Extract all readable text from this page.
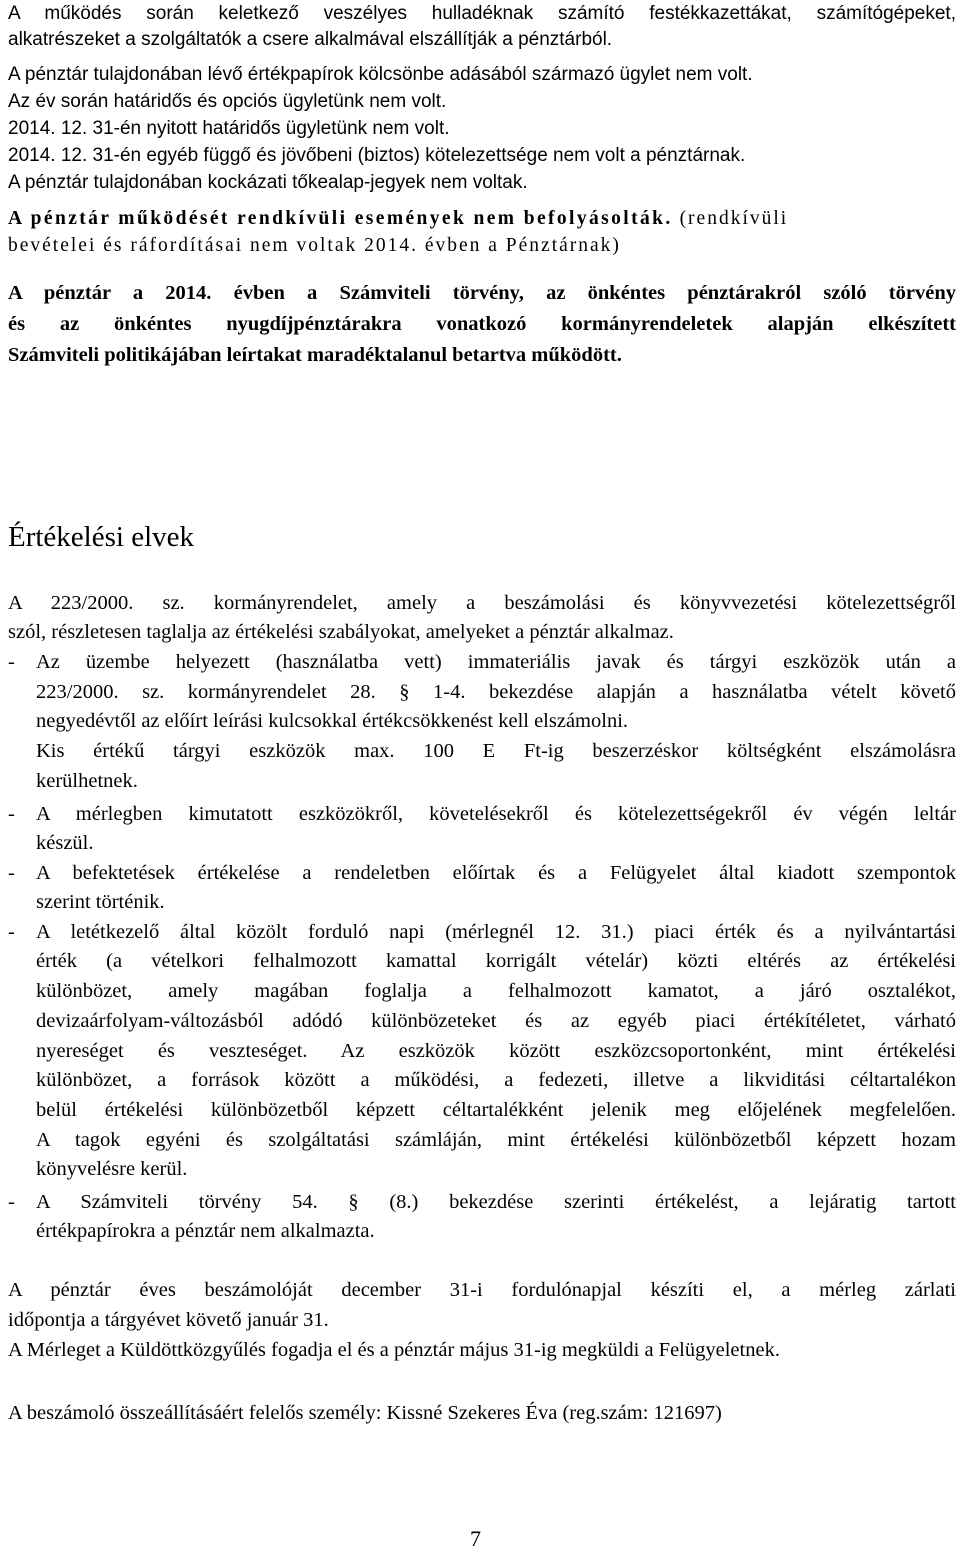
A működés során keletkező veszélyes hulladéknak számító festékkazettákat, számítógépeket,
alkatrészeket a szolgáltatók a csere alkalmával elszállítják a pénztárból.
A pénztár tulajdonában lévő értékpapírok kölcsönbe adásából származó ügylet nem volt.
Az év során határidős és opciós ügyletünk nem volt.
2014. 12. 31-én nyitott határidős ügyletünk nem volt.
2014. 12. 31-én egyéb függő és jövőbeni (biztos) kötelezettsége nem volt a pénztárnak.
A pénztár tulajdonában kockázati tőkealap-jegyek nem voltak.
A pénztár működését rendkívüli események nem befolyásolták. (rendkívüli
bevételei és ráfordításai nem voltak 2014. évben a Pénztárnak)
A pénztár a 2014. évben a Számviteli törvény, az önkéntes pénztárakról szóló törvény
és az önkéntes nyugdíjpénztárakra vonatkozó kormányrendeletek alapján elkészített
Számviteli politikájában leírtakat maradéktalanul betartva működött.
Értékelési elvek
A 223/2000. sz. kormányrendelet, amely a beszámolási és könyvvezetési kötelezettségről
szól, részletesen taglalja az értékelési szabályokat, amelyeket a pénztár alkalmaz.
- Az üzembe helyezett (használatba vett) immateriális javak és tárgyi eszközök után a
223/2000. sz. kormányrendelet 28. § 1-4. bekezdése alapján a használatba vételt követő
negyedévtől az előírt leírási kulcsokkal értékcsökkenést kell elszámolni.
Kis értékű tárgyi eszközök max. 100 E Ft-ig beszerzéskor költségként elszámolásra
kerülhetnek.
- A mérlegben kimutatott eszközökről, követelésekről és kötelezettségekről év végén leltár
készül.
- A befektetések értékelése a rendeletben előírtak és a Felügyelet által kiadott szempontok
szerint történik.
- A letétkezelő által közölt forduló napi (mérlegnél 12. 31.) piaci érték és a nyilvántartási
érték (a vételkori felhalmozott kamattal korrigált vételár) közti eltérés az értékelési
különbözet, amely magában foglalja a felhalmozott kamatot, a járó osztalékot,
devizaárfolyam-változásból adódó különbözeteket és az egyéb piaci értékítéletet, várható
nyereséget és veszteséget. Az eszközök között eszközcsoportonként, mint értékelési
különbözet, a források között a működési, a fedezeti, illetve a likviditási céltartalékon
belül értékelési különbözetből képzett céltartalékként jelenik meg előjelének megfelelően.
A tagok egyéni és szolgáltatási számláján, mint értékelési különbözetből képzett hozam
könyvelésre kerül.
- A Számviteli törvény 54. § (8.) bekezdése szerinti értékelést, a lejáratig tartott
értékpapírokra a pénztár nem alkalmazta.
A pénztár éves beszámolóját december 31-i fordulónapjal készíti el, a mérleg zárlati
időpontja a tárgyévet követő január 31.
A Mérleget a Küldöttközgyűlés fogadja el és a pénztár május 31-ig megküldi a Felügyeletnek.
A beszámoló összeállításáért felelős személy: Kissné Szekeres Éva (reg.szám: 121697)
7
